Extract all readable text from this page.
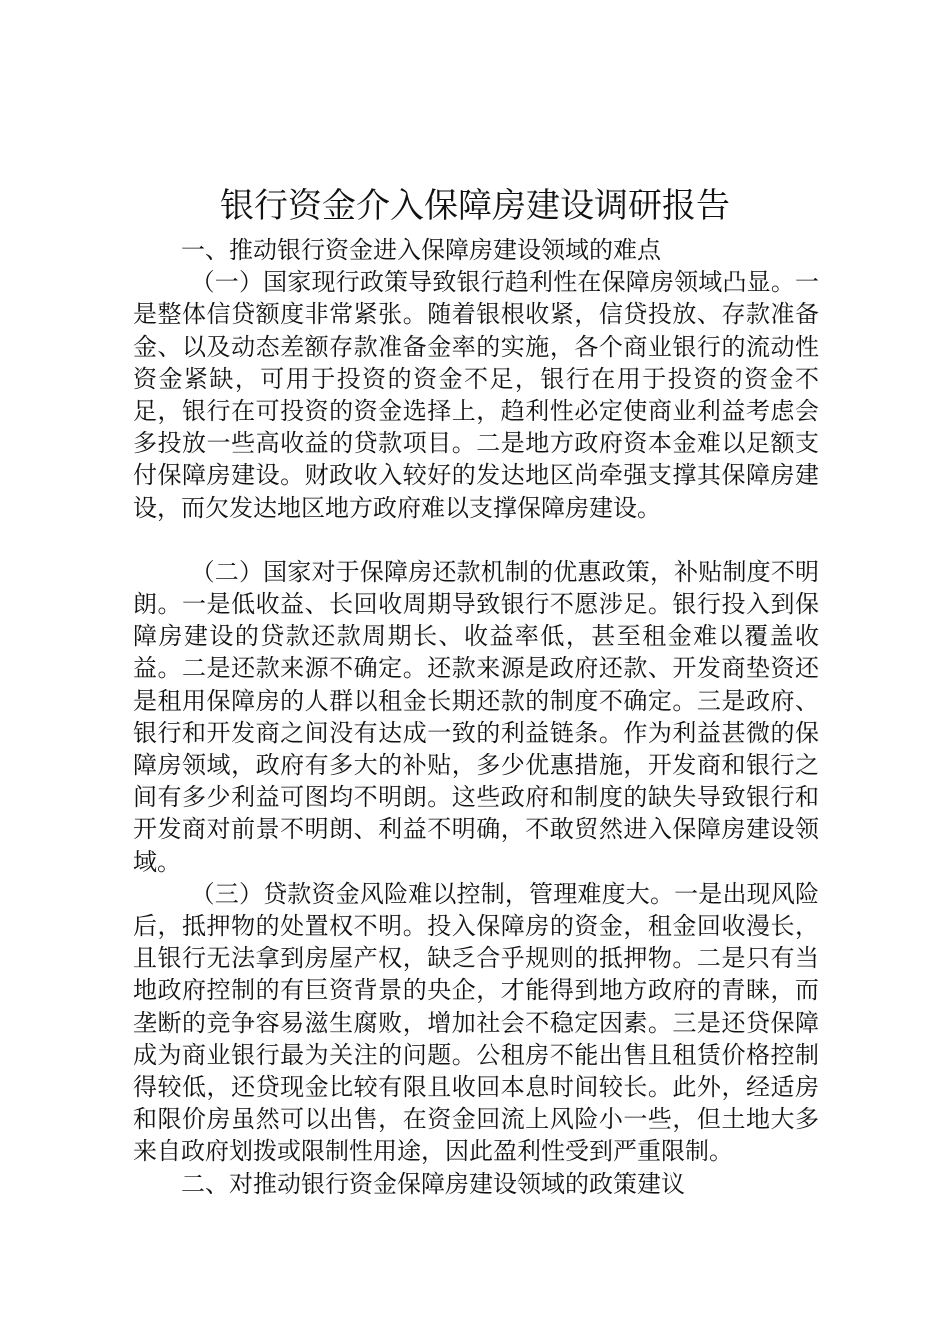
银行资金介入保障房建设调研报告

一、推动银行资金进入保障房建设领域的难点

（一）国家现行政策导致银行趋利性在保障房领域凸显。一是整体信贷额度非常紧张。随着银根收紧，信贷投放、存款准备金、以及动态差额存款准备金率的实施，各个商业银行的流动性资金紧缺，可用于投资的资金不足，银行在用于投资的资金不足，银行在可投资的资金选择上，趋利性必定使商业利益考虑会多投放一些高收益的贷款项目。二是地方政府资本金难以足额支付保障房建设。财政收入较好的发达地区尚牵强支撑其保障房建设，而欠发达地区地方政府难以支撑保障房建设。

（二）国家对于保障房还款机制的优惠政策，补贴制度不明朗。一是低收益、长回收周期导致银行不愿涉足。银行投入到保障房建设的贷款还款周期长、收益率低，甚至租金难以覆盖收益。二是还款来源不确定。还款来源是政府还款、开发商垫资还是租用保障房的人群以租金长期还款的制度不确定。三是政府、银行和开发商之间没有达成一致的利益链条。作为利益甚微的保障房领域，政府有多大的补贴，多少优惠措施，开发商和银行之间有多少利益可图均不明朗。这些政府和制度的缺失导致银行和开发商对前景不明朗、利益不明确，不敢贸然进入保障房建设领域。

（三）贷款资金风险难以控制，管理难度大。一是出现风险后，抵押物的处置权不明。投入保障房的资金，租金回收漫长，且银行无法拿到房屋产权，缺乏合乎规则的抵押物。二是只有当地政府控制的有巨资背景的央企，才能得到地方政府的青睐，而垄断的竞争容易滋生腐败，增加社会不稳定因素。三是还贷保障成为商业银行最为关注的问题。公租房不能出售且租赁价格控制得较低，还贷现金比较有限且收回本息时间较长。此外，经适房和限价房虽然可以出售，在资金回流上风险小一些，但土地大多来自政府划拨或限制性用途，因此盈利性受到严重限制。

二、对推动银行资金保障房建设领域的政策建议
